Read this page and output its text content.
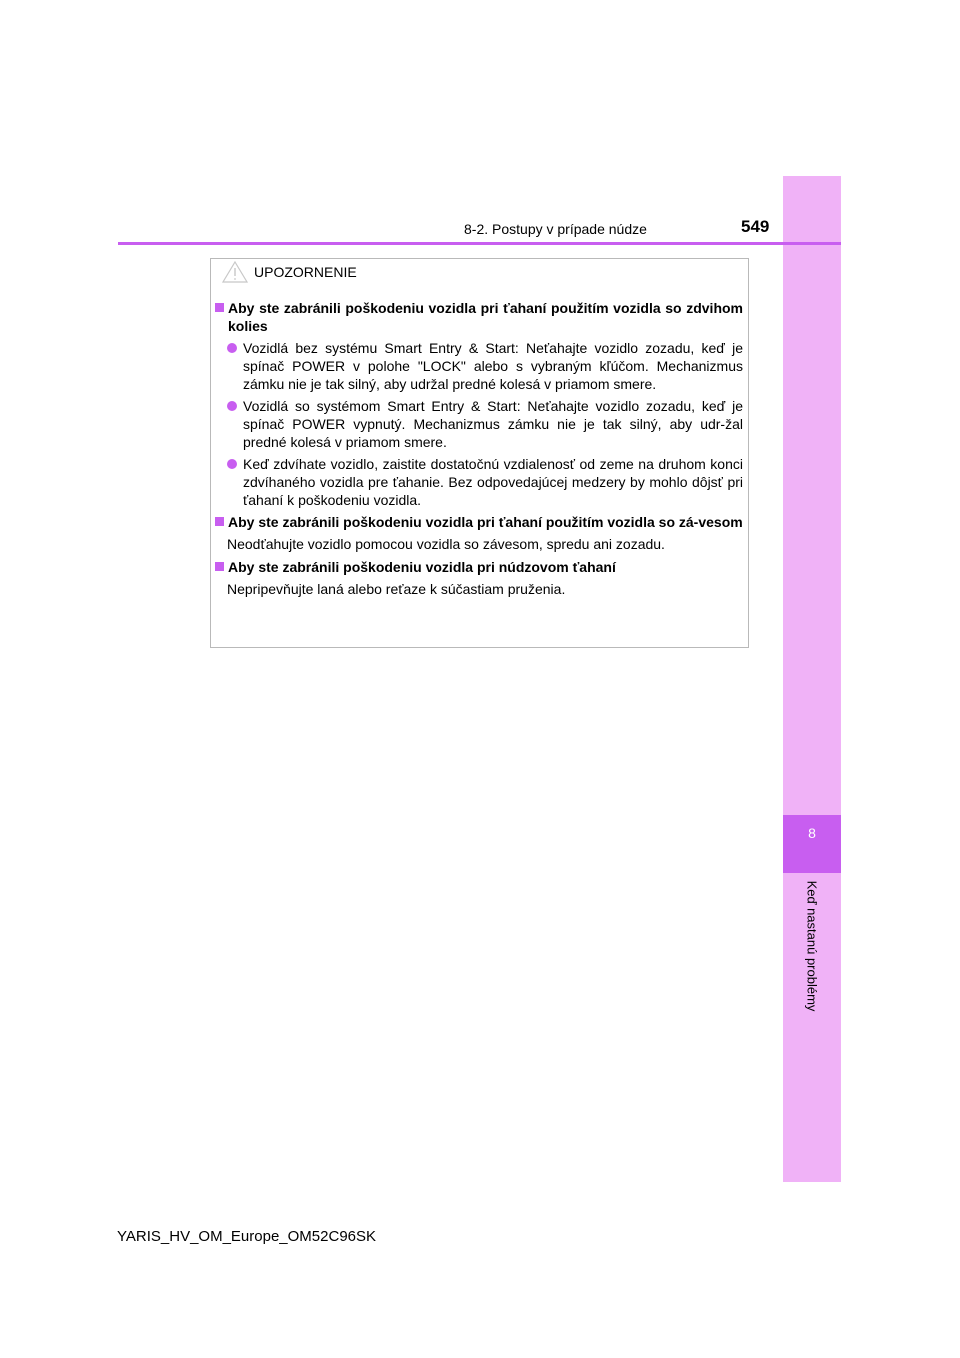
8
Keď nastanú problémy
8-2. Postupy v prípade núdze	549
UPOZORNENIE
Aby ste zabránili poškodeniu vozidla pri ťahaní použitím vozidla so zdvihom kolies
Vozidlá bez systému Smart Entry & Start: Neťahajte vozidlo zozadu, keď je spínač POWER v polohe "LOCK" alebo s vybraným kľúčom. Mechanizmus zámku nie je tak silný, aby udržal predné kolesá v priamom smere.
Vozidlá so systémom Smart Entry & Start: Neťahajte vozidlo zozadu, keď je spínač POWER vypnutý. Mechanizmus zámku nie je tak silný, aby udr-žal predné kolesá v priamom smere.
Keď zdvíhate vozidlo, zaistite dostatočnú vzdialenosť od zeme na druhom konci zdvíhaného vozidla pre ťahanie. Bez odpovedajúcej medzery by mohlo dôjsť pri ťahaní k poškodeniu vozidla.
Aby ste zabránili poškodeniu vozidla pri ťahaní použitím vozidla so zá-vesom
Neodťahujte vozidlo pomocou vozidla so závesom, spredu ani zozadu.
Aby ste zabránili poškodeniu vozidla pri núdzovom ťahaní
Nepripevňujte laná alebo reťaze k súčastiam pruženia.
YARIS_HV_OM_Europe_OM52C96SK
